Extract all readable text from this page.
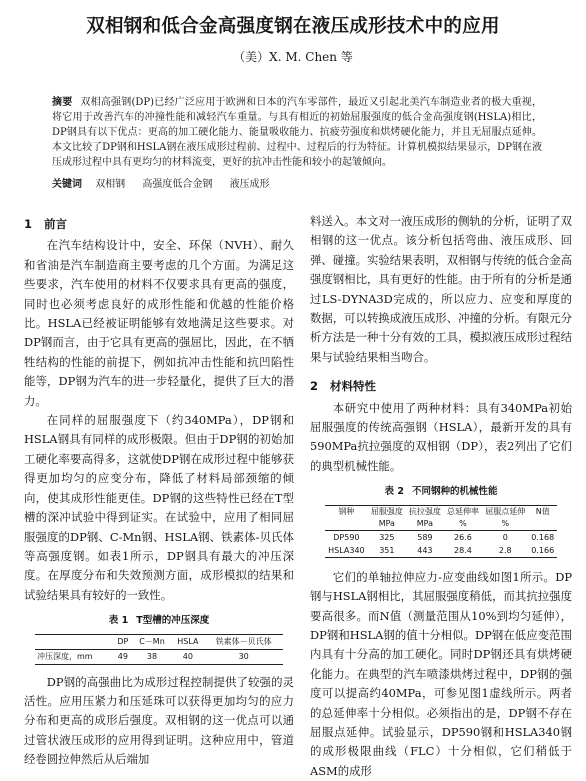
双相钢和低合金高强度钢在液压成形技术中的应用
（美）X. M. Chen 等
摘要 双相高强钢(DP)已经广泛应用于欧洲和日本的汽车零部件，最近又引起北美汽车制造业者的极大重视，将它用于改善汽车的冲撞性能和减轻汽车重量。与具有相近的初始屈服强度的低合金高强度钢(HSLA)相比，DP钢具有以下优点：更高的加工硬化能力、能量吸收能力、抗疲劳强度和烘烤硬化能力，并且无屈服点延伸。本文比较了DP钢和HSLA钢在液压成形过程前、过程中、过程后的行为特征。计算机模拟结果显示，DP钢在液压成形过程中具有更均匀的材料流变，更好的抗冲击性能和较小的起皱倾向。
关键词 双相钢 高强度低合金钢 液压成形
1 前言

在汽车结构设计中，安全、环保（NVH）、耐久和省油是汽车制造商主要考虑的几个方面。为满足这些要求，汽车使用的材料不仅要求具有更高的强度，同时也必须考虑良好的成形性能和优越的性能价格比。HSLA已经被证明能够有效地满足这些要求。对DP钢而言，由于它具有更高的强屈比，因此，在不牺牲结构的性能的前提下，例如抗冲击性能和抗凹陷性能等，DP钢为汽车的进一步轻量化，提供了巨大的潜力。

在同样的屈服强度下（约340MPa），DP钢和HSLA钢具有同样的成形极限。但由于DP钢的初始加工硬化率要高得多，这就使DP钢在成形过程中能够获得更加均匀的应变分布，降低了材料局部颈缩的倾向，使其成形性能更佳。DP钢的这些特性已经在T型槽的深冲试验中得到证实。在试验中，应用了相同屈服强度的DP钢、C-Mn钢、HSLA钢、铁素体-贝氏体等高强度钢。如表1所示，DP钢具有最大的冲压深度。在厚度分布和失效预测方面，成形模拟的结果和试验结果具有较好的一致性。

表 1 T型槽的冲压深度
	DP	C－Mn	HSLA	铁素体－贝氏体
冲压深度，mm	49	38	40	30

DP钢的高强曲比为成形过程控制提供了较强的灵活性。应用压紧力和压延珠可以获得更加均匀的应力分布和更高的成形后强度。双相钢的这一优点可以通过管状液压成形的应用得到证明。这种应用中，管道经卷圆拉伸然后从后端加

料送入。本文对一液压成形的侧轨的分析，证明了双相钢的这一优点。该分析包括弯曲、液压成形、回弹、碰撞。实验结果表明，双相钢与传统的低合金高强度钢相比，具有更好的性能。由于所有的分析是通过LS-DYNA3D完成的，所以应力、应变和厚度的数据，可以转换成液压成形、冲撞的分析。有限元分析方法是一种十分有效的工具，模拟液压成形过程结果与试验结果相当吻合。

2 材料特性

本研究中使用了两种材料：具有340MPa初始屈服强度的传统高强钢（HSLA），最新开发的具有590MPa抗拉强度的双相钢（DP），表2列出了它们的典型机械性能。

表 2 不同钢种的机械性能
钢种	屈服强度	抗拉强度	总延伸率	屈服点延伸	N值
	MPa	MPa	%	%	
DP590	325	589	26.6	0	0.168
HSLA340	351	443	28.4	2.8	0.166

它们的单轴拉伸应力-应变曲线如图1所示。DP钢与HSLA钢相比，其屈服强度稍低，而其抗拉强度要高很多。而N值（测量范围从10%到均匀延伸），DP钢和HSLA钢的值十分相似。DP钢在低应变范围内具有十分高的加工硬化。同时DP钢还具有烘烤硬化能力。在典型的汽车喷漆烘烤过程中，DP钢的强度可以提高约40MPa，可参见图1虚线所示。两者的总延伸率十分相似。必须指出的是，DP钢不存在屈服点延伸。试验显示，DP590钢和HSLA340钢的成形极限曲线（FLC）十分相似，它们稍低于ASM的成形
